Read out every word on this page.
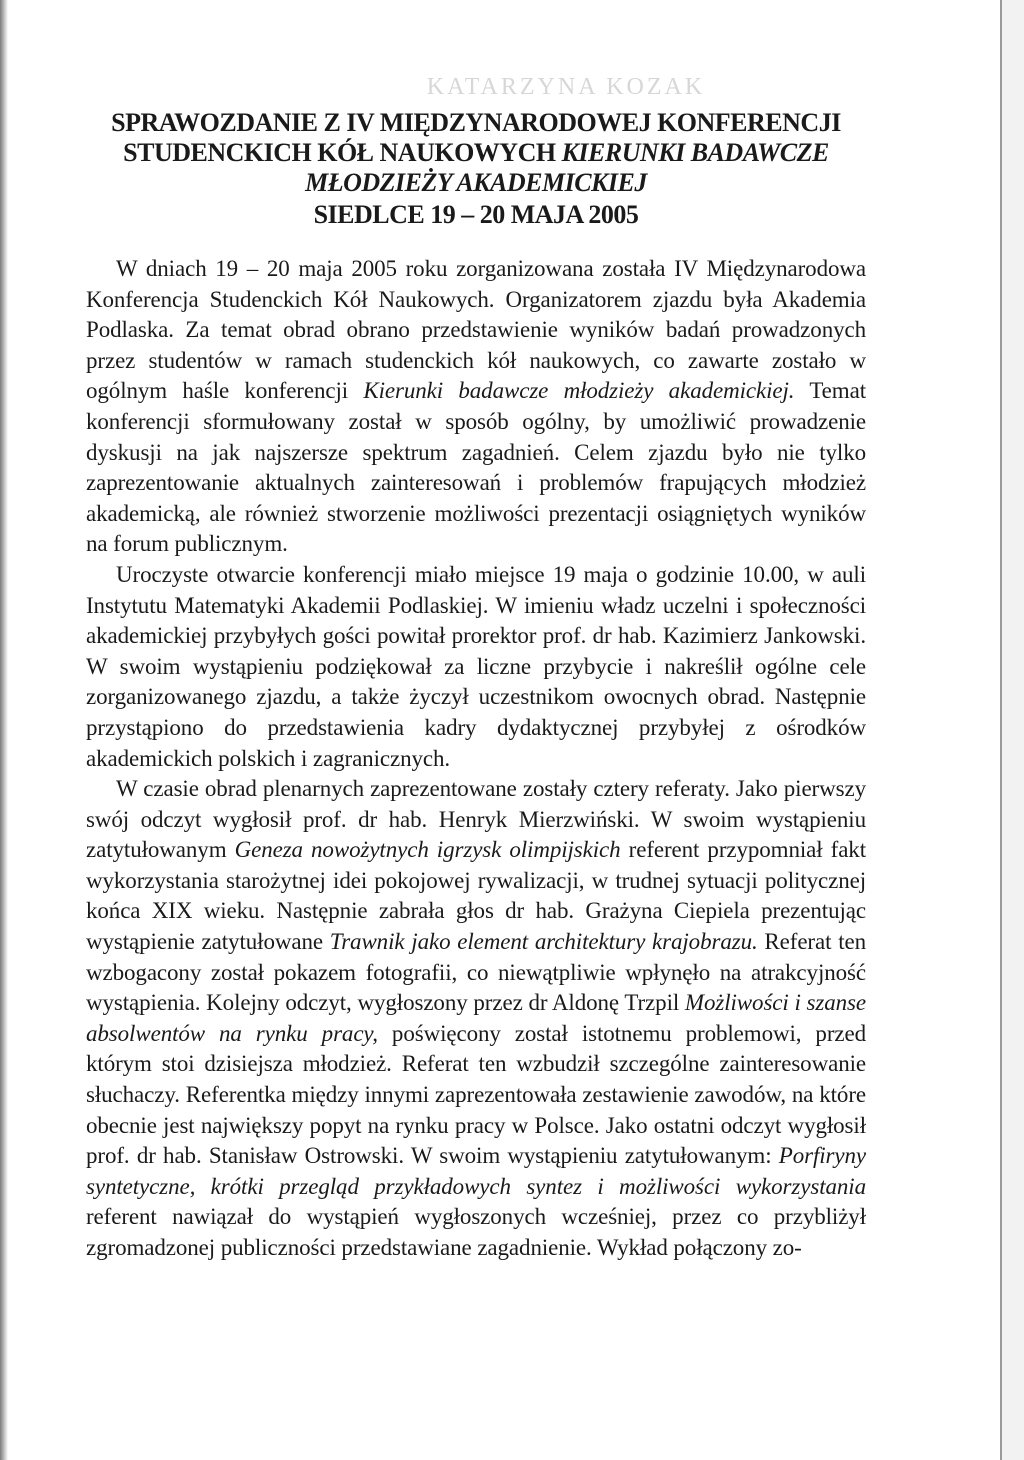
KATARZYNA KOZAK
SPRAWOZDANIE Z IV MIĘDZYNARODOWEJ KONFERENCJI
STUDENCKICH KÓŁ NAUKOWYCH KIERUNKI BADAWCZE
MŁODZIEŻY AKADEMICKIEJ
SIEDLCE 19 – 20 MAJA 2005

W dniach 19 – 20 maja 2005 roku zorganizowana została IV Międzynarodowa Konferencja Studenckich Kół Naukowych. Organizatorem zjazdu była Akademia Podlaska. Za temat obrad obrano przedstawienie wyników badań prowadzonych przez studentów w ramach studenckich kół naukowych, co zawarte zostało w ogólnym haśle konferencji Kierunki badawcze młodzieży akademickiej. Temat konferencji sformułowany został w sposób ogólny, by umożliwić prowadzenie dyskusji na jak najszersze spektrum zagadnień. Celem zjazdu było nie tylko zaprezentowanie aktualnych zainteresowań i problemów frapujących młodzież akademicką, ale również stworzenie możliwości prezentacji osiągniętych wyników na forum publicznym.

Uroczyste otwarcie konferencji miało miejsce 19 maja o godzinie 10.00, w auli Instytutu Matematyki Akademii Podlaskiej. W imieniu władz uczelni i społeczności akademickiej przybyłych gości powitał prorektor prof. dr hab. Kazimierz Jankowski. W swoim wystąpieniu podziękował za liczne przybycie i nakreślił ogólne cele zorganizowanego zjazdu, a także życzył uczestnikom owocnych obrad. Następnie przystąpiono do przedstawienia kadry dydaktycznej przybyłej z ośrodków akademickich polskich i zagranicznych.

W czasie obrad plenarnych zaprezentowane zostały cztery referaty. Jako pierwszy swój odczyt wygłosił prof. dr hab. Henryk Mierzwiński. W swoim wystąpieniu zatytułowanym Geneza nowożytnych igrzysk olimpijskich referent przypomniał fakt wykorzystania starożytnej idei pokojowej rywalizacji, w trudnej sytuacji politycznej końca XIX wieku. Następnie zabrała głos dr hab. Grażyna Ciepiela prezentując wystąpienie zatytułowane Trawnik jako element architektury krajobrazu. Referat ten wzbogacony został pokazem fotografii, co niewątpliwie wpłynęło na atrakcyjność wystąpienia. Kolejny odczyt, wygłoszony przez dr Aldonę Trzpil Możliwości i szanse absolwentów na rynku pracy, poświęcony został istotnemu problemowi, przed którym stoi dzisiejsza młodzież. Referat ten wzbudził szczególne zainteresowanie słuchaczy. Referentka między innymi zaprezentowała zestawienie zawodów, na które obecnie jest największy popyt na rynku pracy w Polsce. Jako ostatni odczyt wygłosił prof. dr hab. Stanisław Ostrowski. W swoim wystąpieniu zatytułowanym: Porfiryny syntetyczne, krótki przegląd przykładowych syntez i możliwości wykorzystania referent nawiązał do wystąpień wygłoszonych wcześniej, przez co przybliżył zgromadzonej publiczności przedstawiane zagadnienie. Wykład połączony zo-
